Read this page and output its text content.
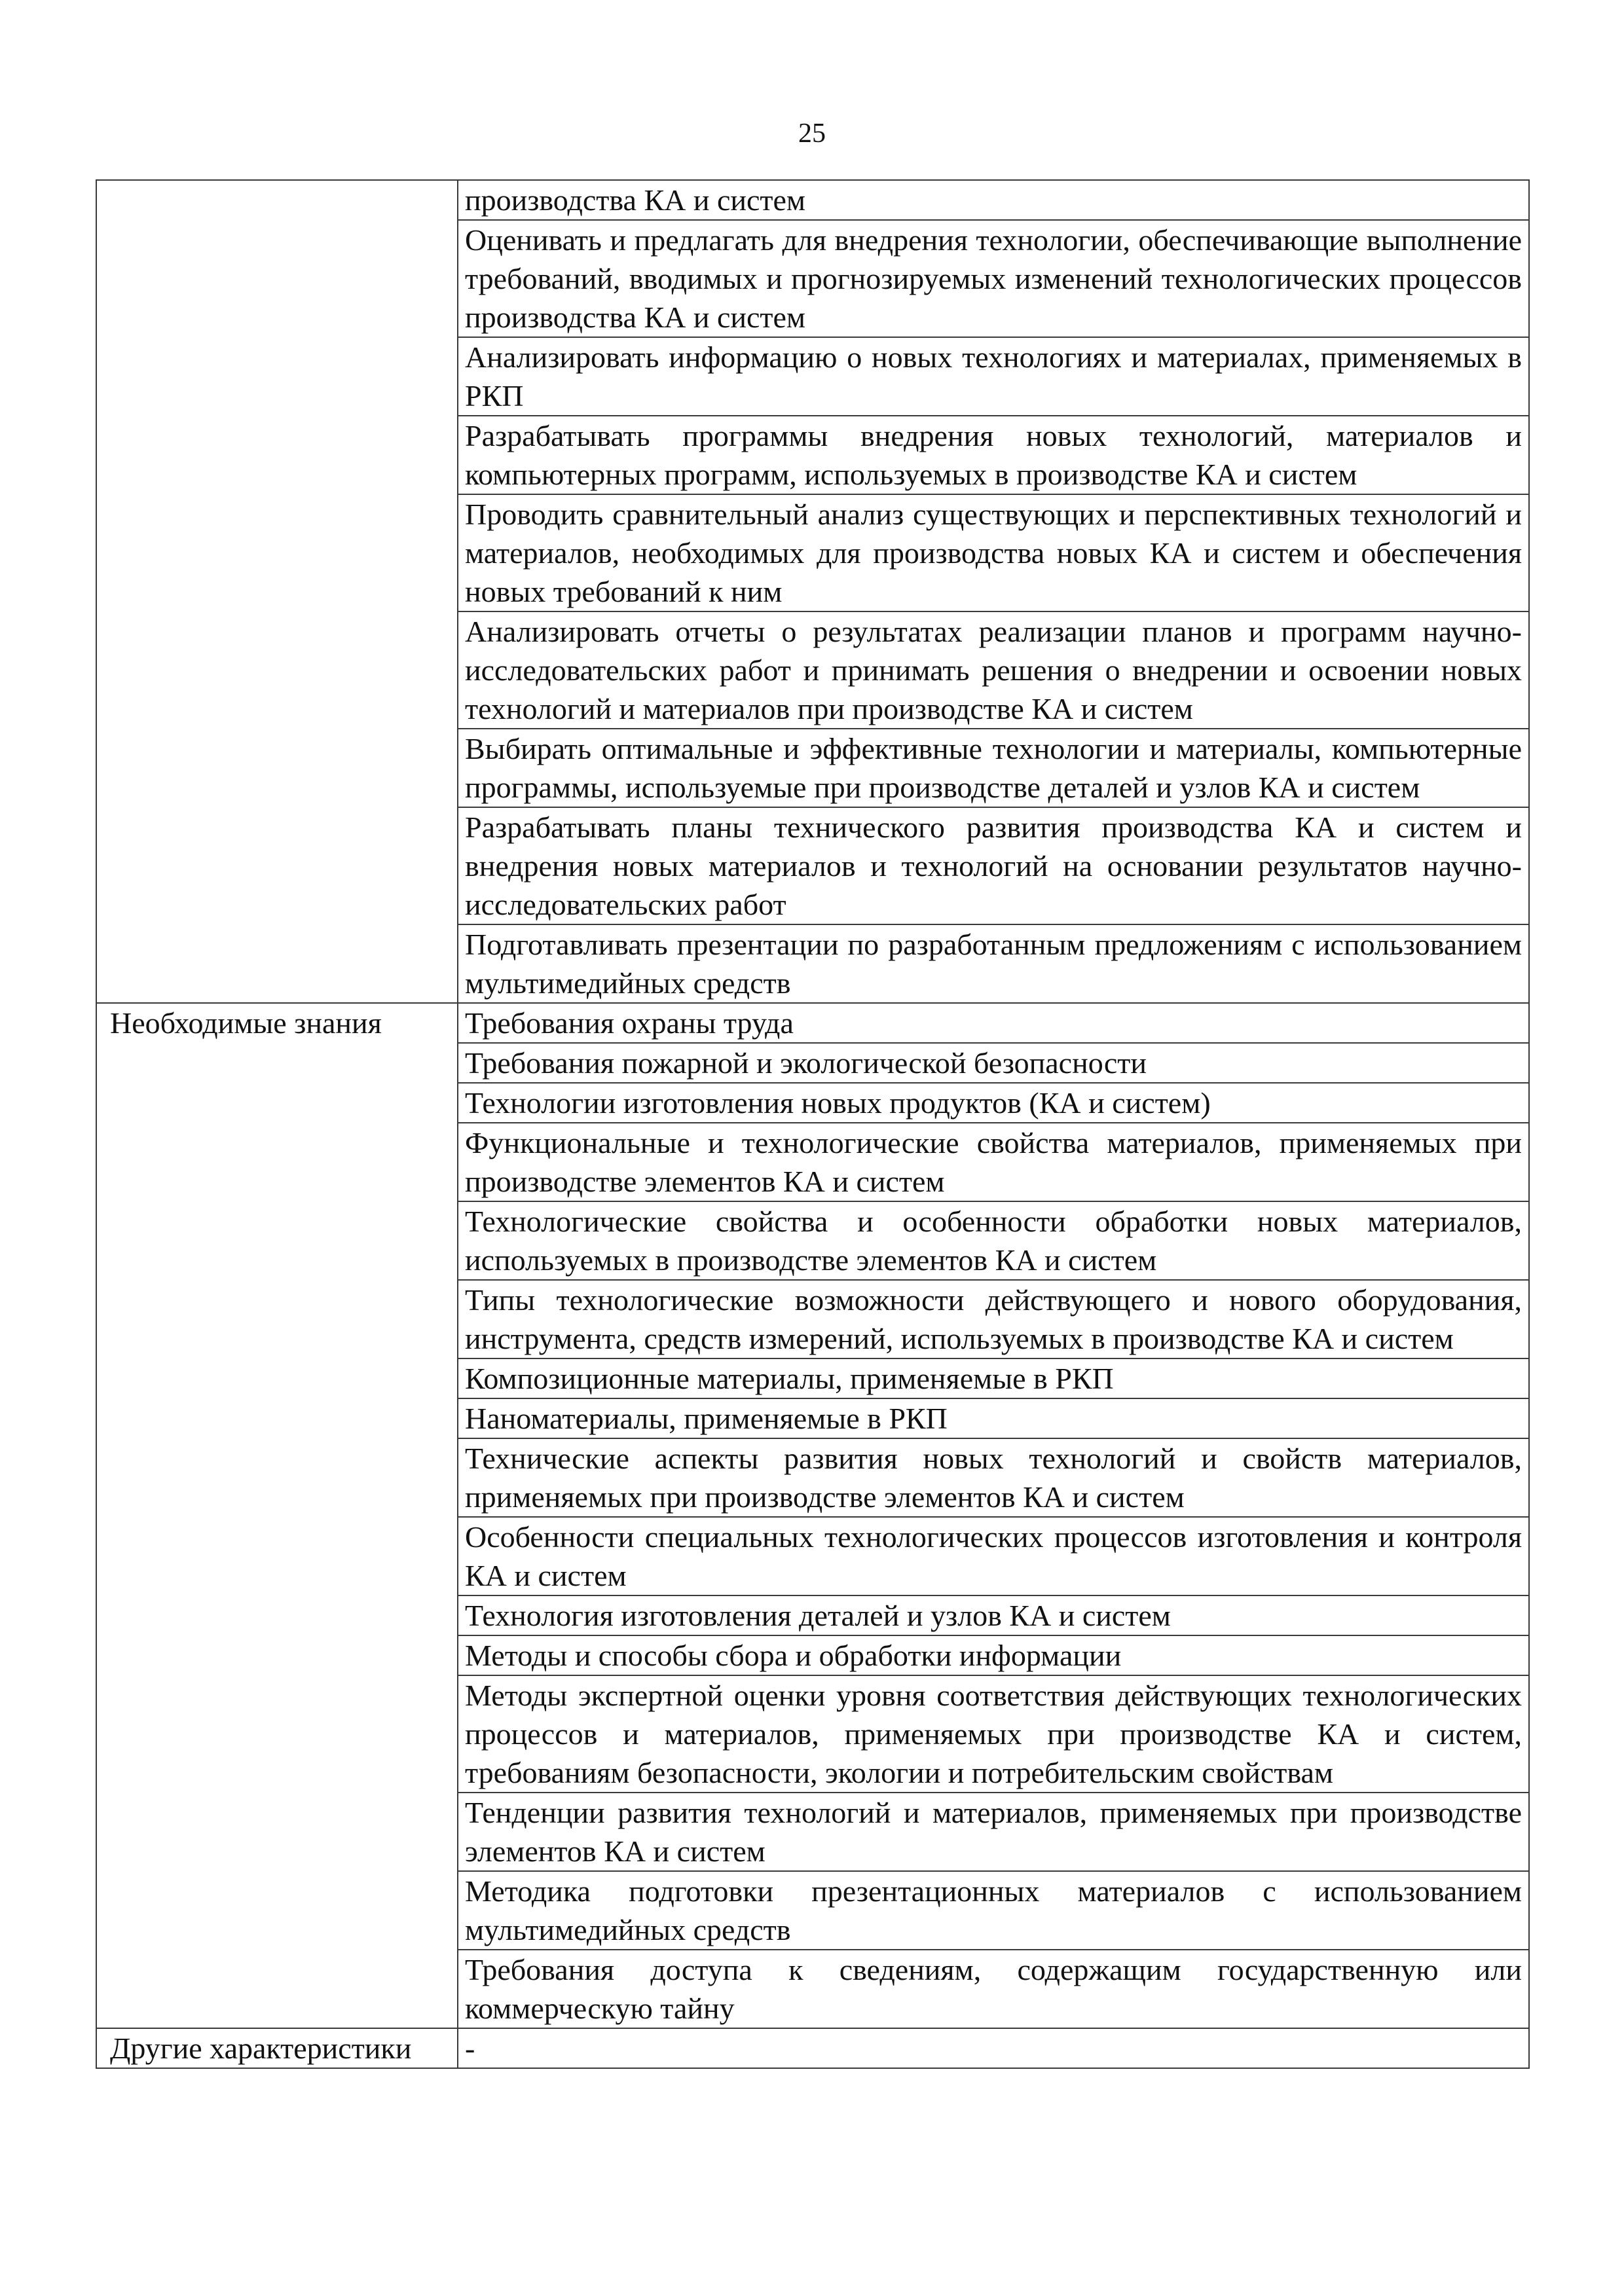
25
	производства КА и систем
	Оценивать и предлагать для внедрения технологии, обеспечивающие выполнение требований, вводимых и прогнозируемых изменений технологических процессов производства КА и систем
	Анализировать информацию о новых технологиях и материалах, применяемых в РКП
	Разрабатывать программы внедрения новых технологий, материалов и компьютерных программ, используемых в производстве КА и систем
	Проводить сравнительный анализ существующих и перспективных технологий и материалов, необходимых для производства новых КА и систем и обеспечения новых требований к ним
	Анализировать отчеты о результатах реализации планов и программ научно-исследовательских работ и принимать решения о внедрении и освоении новых технологий и материалов при производстве КА и систем
	Выбирать оптимальные и эффективные технологии и материалы, компьютерные программы, используемые при производстве деталей и узлов КА и систем
	Разрабатывать планы технического развития производства КА и систем и внедрения новых материалов и технологий на основании результатов научно-исследовательских работ
	Подготавливать презентации по разработанным предложениям с использованием мультимедийных средств
Необходимые знания	Требования охраны труда
	Требования пожарной и экологической безопасности
	Технологии изготовления новых продуктов (КА и систем)
	Функциональные и технологические свойства материалов, применяемых при производстве элементов КА и систем
	Технологические свойства и особенности обработки новых материалов, используемых в производстве элементов КА и систем
	Типы технологические возможности действующего и нового оборудования, инструмента, средств измерений, используемых в производстве КА и систем
	Композиционные материалы, применяемые в РКП
	Наноматериалы, применяемые в РКП
	Технические аспекты развития новых технологий и свойств материалов, применяемых при производстве элементов КА и систем
	Особенности специальных технологических процессов изготовления и контроля КА и систем
	Технология изготовления деталей и узлов КА и систем
	Методы и способы сбора и обработки информации
	Методы экспертной оценки уровня соответствия действующих технологических процессов и материалов, применяемых при производстве КА и систем, требованиям безопасности, экологии и потребительским свойствам
	Тенденции развития технологий и материалов, применяемых при производстве элементов КА и систем
	Методика подготовки презентационных материалов с использованием мультимедийных средств
	Требования доступа к сведениям, содержащим государственную или коммерческую тайну
Другие характеристики	-
